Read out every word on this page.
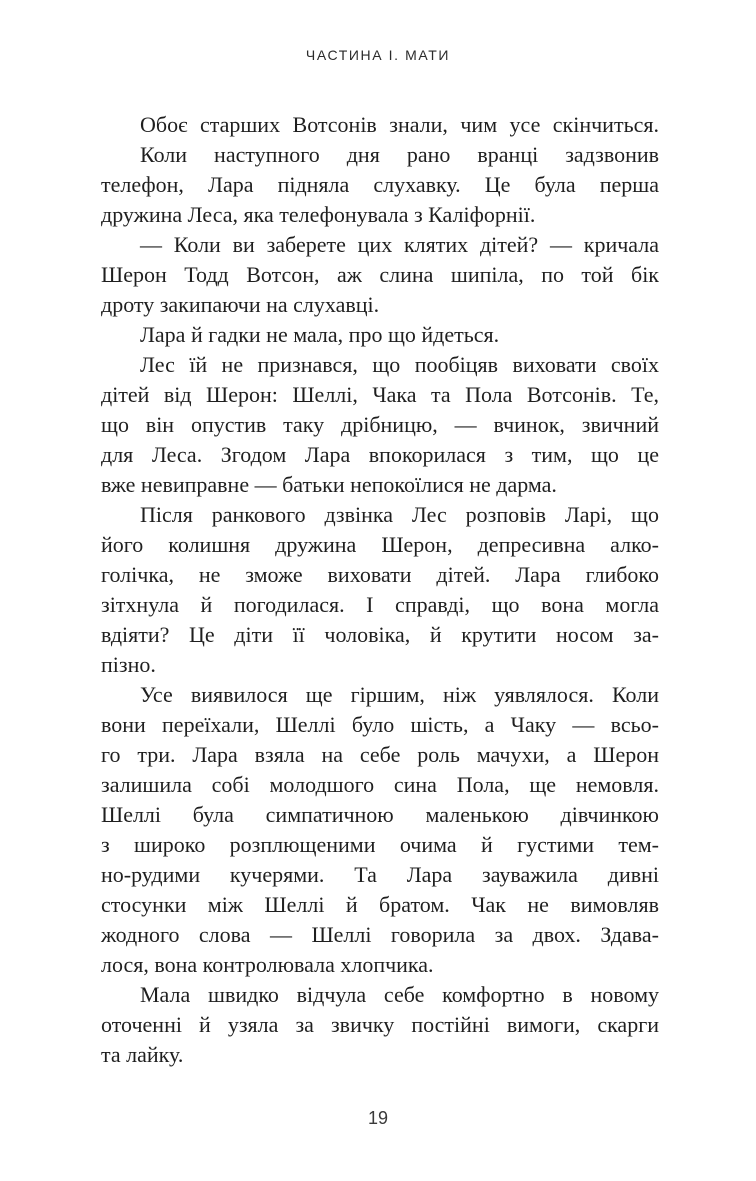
ЧАСТИНА І. МАТИ
Обоє старших Вотсонів знали, чим усе скінчиться.
Коли наступного дня рано вранці задзвонив
телефон, Лара підняла слухавку. Це була перша
дружина Леса, яка телефонувала з Каліфорнії.
— Коли ви заберете цих клятих дітей? — кричала
Шерон Тодд Вотсон, аж слина шипіла, по той бік
дроту закипаючи на слухавці.
Лара й гадки не мала, про що йдеться.
Лес їй не признався, що пообіцяв виховати своїх
дітей від Шерон: Шеллі, Чака та Пола Вотсонів. Те,
що він опустив таку дрібницю, — вчинок, звичний
для Леса. Згодом Лара впокорилася з тим, що це
вже невиправне — батьки непокоїлися не дарма.
Після ранкового дзвінка Лес розповів Ларі, що
його колишня дружина Шерон, депресивна алко-
голічка, не зможе виховати дітей. Лара глибоко
зітхнула й погодилася. І справді, що вона могла
вдіяти? Це діти її чоловіка, й крутити носом за-
пізно.
Усе виявилося ще гіршим, ніж уявлялося. Коли
вони переїхали, Шеллі було шість, а Чаку — всьо-
го три. Лара взяла на себе роль мачухи, а Шерон
залишила собі молодшого сина Пола, ще немовля.
Шеллі була симпатичною маленькою дівчинкою
з широко розплющеними очима й густими тем-
но-рудими кучерями. Та Лара зауважила дивні
стосунки між Шеллі й братом. Чак не вимовляв
жодного слова — Шеллі говорила за двох. Здава-
лося, вона контролювала хлопчика.
Мала швидко відчула себе комфортно в новому
оточенні й узяла за звичку постійні вимоги, скарги
та лайку.
19
